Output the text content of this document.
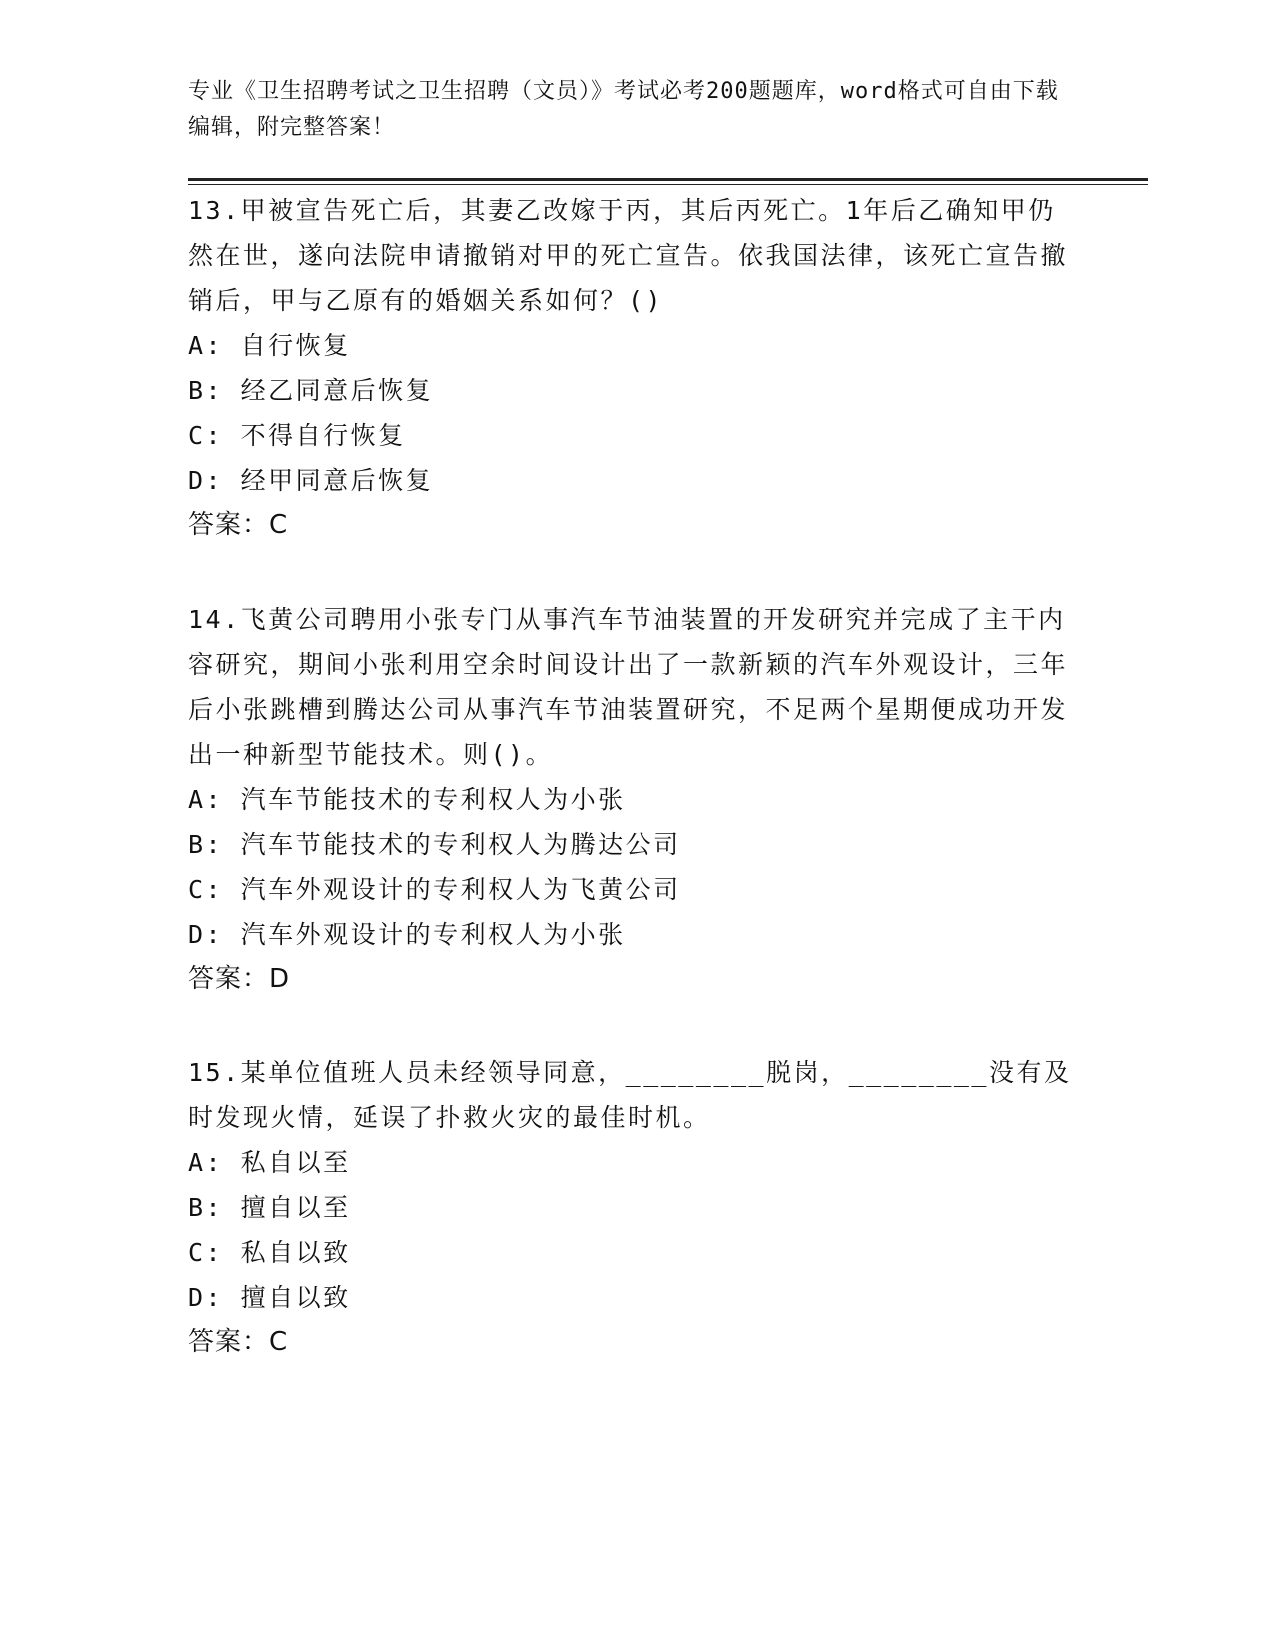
专业《卫生招聘考试之卫生招聘（文员）》考试必考200题题库，word格式可自由下载编辑，附完整答案！
13.甲被宣告死亡后，其妻乙改嫁于丙，其后丙死亡。1年后乙确知甲仍然在世，遂向法院申请撤销对甲的死亡宣告。依我国法律，该死亡宣告撤销后，甲与乙原有的婚姻关系如何？()
A: 自行恢复
B: 经乙同意后恢复
C: 不得自行恢复
D: 经甲同意后恢复
答案：C
14.飞黄公司聘用小张专门从事汽车节油装置的开发研究并完成了主干内容研究，期间小张利用空余时间设计出了一款新颖的汽车外观设计，三年后小张跳槽到腾达公司从事汽车节油装置研究，不足两个星期便成功开发出一种新型节能技术。则()。
A: 汽车节能技术的专利权人为小张
B: 汽车节能技术的专利权人为腾达公司
C: 汽车外观设计的专利权人为飞黄公司
D: 汽车外观设计的专利权人为小张
答案：D
15.某单位值班人员未经领导同意，________脱岗，________没有及时发现火情，延误了扑救火灾的最佳时机。
A: 私自以至
B: 擅自以至
C: 私自以致
D: 擅自以致
答案：C
